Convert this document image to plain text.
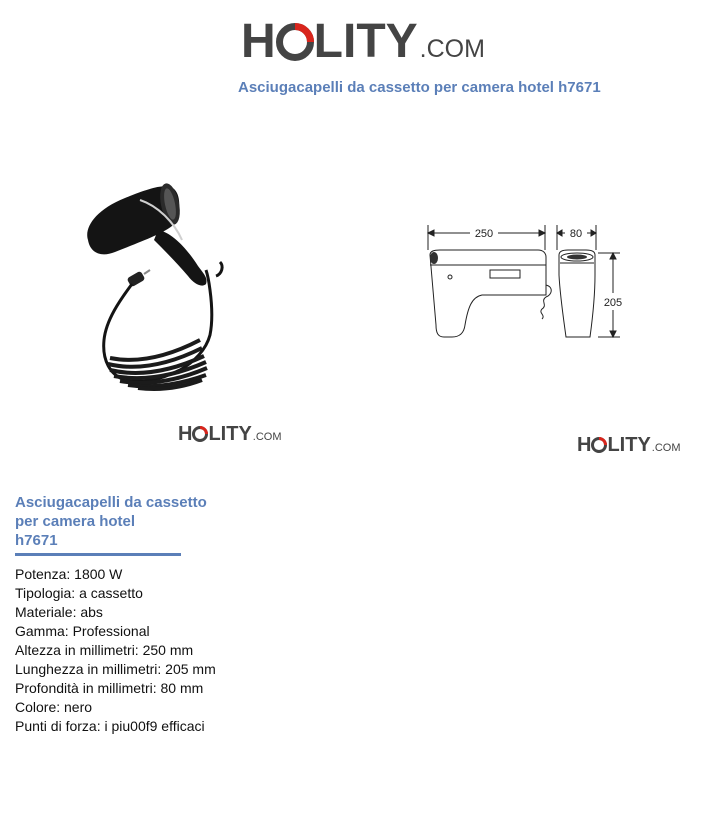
H LITY .COM
Asciugacapelli da cassetto per camera hotel h7671
H LITY .COM
250	80
205
H LITY .COM
Asciugacapelli da cassetto
per camera hotel
h7671
Potenza: 1800 W
Tipologia: a cassetto
Materiale: abs
Gamma: Professional
Altezza in millimetri: 250 mm
Lunghezza in millimetri: 205 mm
Profondità in millimetri: 80 mm
Colore: nero
Punti di forza: i piu00f9 efficaci
